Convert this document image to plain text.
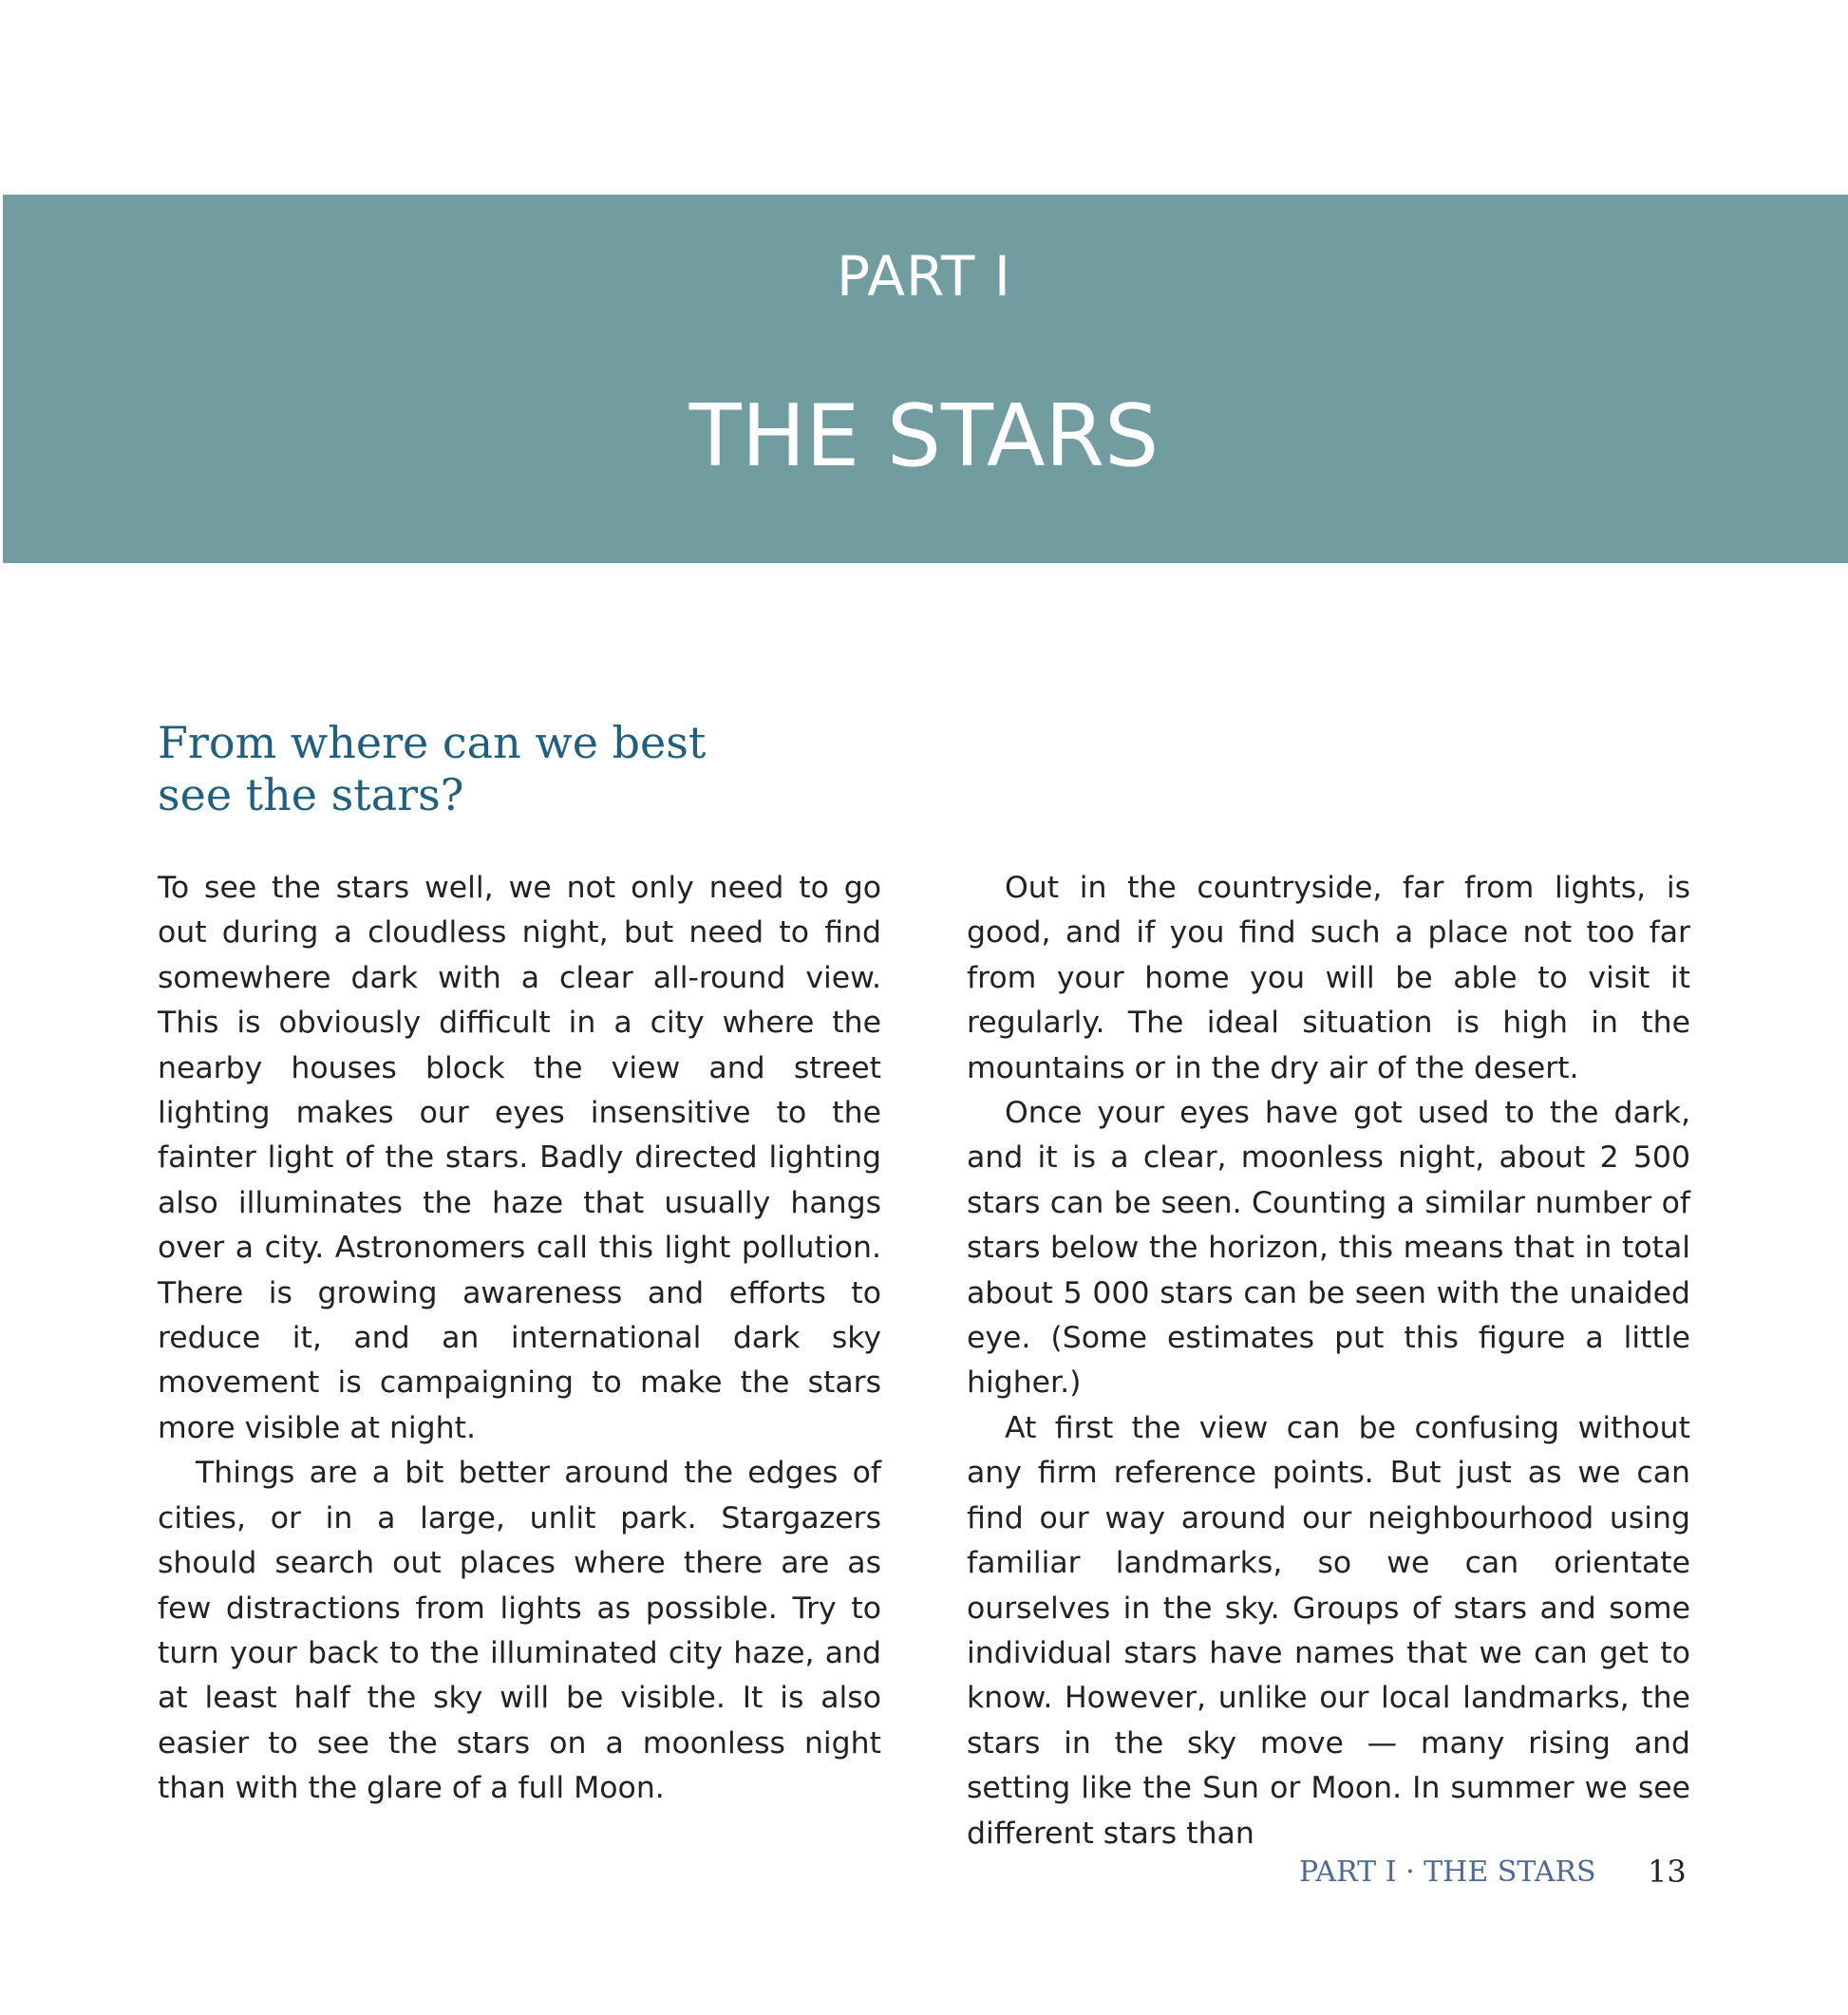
PART I
THE STARS
From where can we best
see the stars?

To see the stars well, we not only need to go out during a cloudless night, but need to find somewhere dark with a clear all-round view. This is obviously difficult in a city where the nearby houses block the view and street lighting makes our eyes insensitive to the fainter light of the stars. Badly directed lighting also illuminates the haze that usually hangs over a city. Astronomers call this light pollution. There is growing awareness and efforts to reduce it, and an international dark sky movement is campaigning to make the stars more visible at night.

Things are a bit better around the edges of cities, or in a large, unlit park. Stargazers should search out places where there are as few distractions from lights as possible. Try to turn your back to the illuminated city haze, and at least half the sky will be visible. It is also easier to see the stars on a moonless night than with the glare of a full Moon.

Out in the countryside, far from lights, is good, and if you find such a place not too far from your home you will be able to visit it regularly. The ideal situation is high in the mountains or in the dry air of the desert.

Once your eyes have got used to the dark, and it is a clear, moonless night, about 2 500 stars can be seen. Counting a similar number of stars below the horizon, this means that in total about 5 000 stars can be seen with the unaided eye. (Some estimates put this figure a little higher.)

At first the view can be confusing without any firm reference points. But just as we can find our way around our neighbourhood using familiar landmarks, so we can orientate ourselves in the sky. Groups of stars and some individual stars have names that we can get to know. However, unlike our local landmarks, the stars in the sky move — many rising and setting like the Sun or Moon. In summer we see different stars than

PART I · THE STARS 13
